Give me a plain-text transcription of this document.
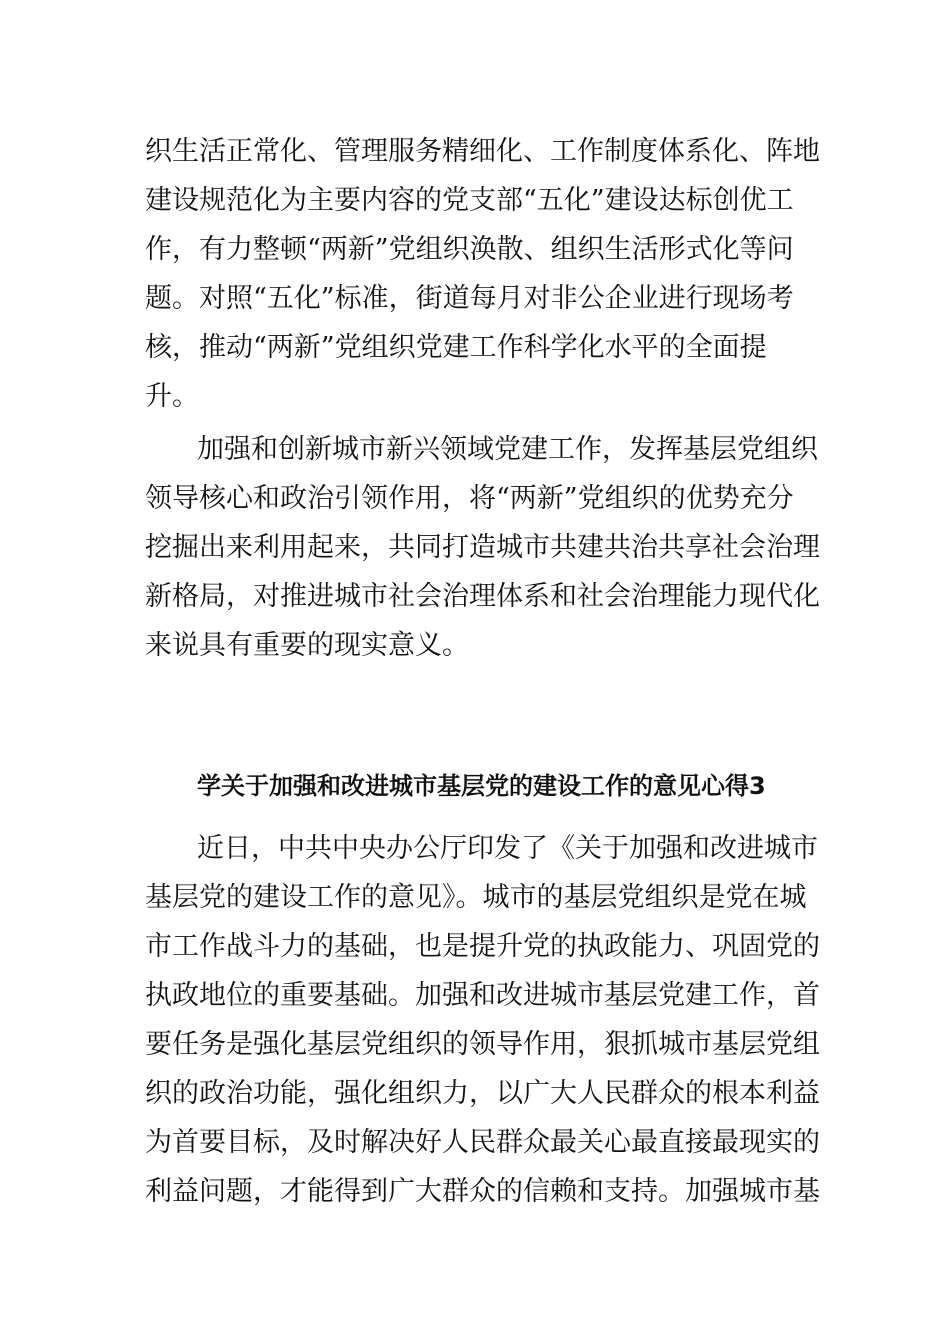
织生活正常化、管理服务精细化、工作制度体系化、阵地
建设规范化为主要内容的党支部“五化”建设达标创优工
作，有力整顿“两新”党组织涣散、组织生活形式化等问
题。对照“五化”标准，街道每月对非公企业进行现场考
核，推动“两新”党组织党建工作科学化水平的全面提
升。
加强和创新城市新兴领域党建工作，发挥基层党组织
领导核心和政治引领作用，将“两新”党组织的优势充分
挖掘出来利用起来，共同打造城市共建共治共享社会治理
新格局，对推进城市社会治理体系和社会治理能力现代化
来说具有重要的现实意义。
学关于加强和改进城市基层党的建设工作的意见心得3
近日，中共中央办公厅印发了《关于加强和改进城市
基层党的建设工作的意见》。城市的基层党组织是党在城
市工作战斗力的基础，也是提升党的执政能力、巩固党的
执政地位的重要基础。加强和改进城市基层党建工作，首
要任务是强化基层党组织的领导作用，狠抓城市基层党组
织的政治功能，强化组织力，以广大人民群众的根本利益
为首要目标，及时解决好人民群众最关心最直接最现实的
利益问题，才能得到广大群众的信赖和支持。加强城市基
